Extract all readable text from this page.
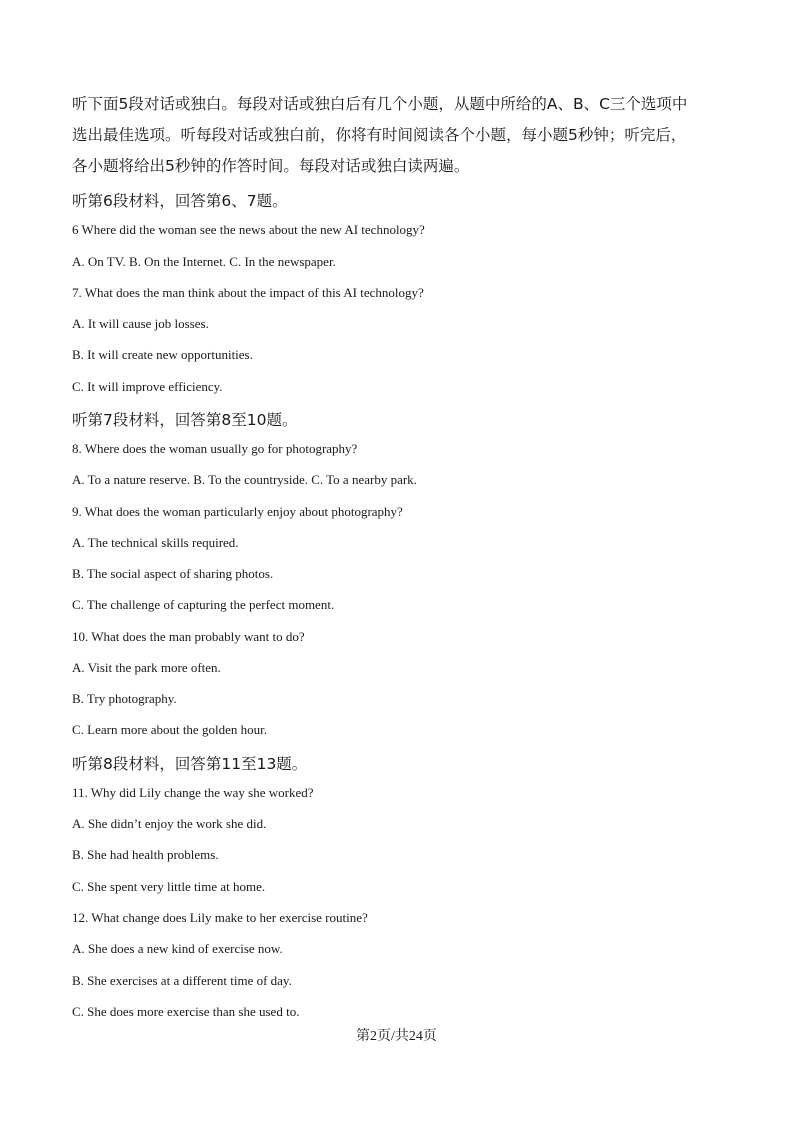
听下面5段对话或独白。每段对话或独白后有几个小题，从题中所给的A、B、C三个选项中

选出最佳选项。听每段对话或独白前，你将有时间阅读各个小题，每小题5秒钟；听完后，

各小题将给出5秒钟的作答时间。每段对话或独白读两遍。

听第6段材料，回答第6、7题。
6 Where did the woman see the news about the new AI technology?
A. On TV. B. On the Internet. C. In the newspaper.
7. What does the man think about the impact of this AI technology?
A. It will cause job losses.
B. It will create new opportunities.
C. It will improve efficiency.
听第7段材料，回答第8至10题。
8. Where does the woman usually go for photography?
A. To a nature reserve. B. To the countryside. C. To a nearby park.
9. What does the woman particularly enjoy about photography?
A. The technical skills required.
B. The social aspect of sharing photos.
C. The challenge of capturing the perfect moment.
10. What does the man probably want to do?
A. Visit the park more often.
B. Try photography.
C. Learn more about the golden hour.
听第8段材料，回答第11至13题。
11. Why did Lily change the way she worked?
A. She didn’t enjoy the work she did.
B. She had health problems.
C. She spent very little time at home.
12. What change does Lily make to her exercise routine?
A. She does a new kind of exercise now.
B. She exercises at a different time of day.
C. She does more exercise than she used to.
第2页/共24页
